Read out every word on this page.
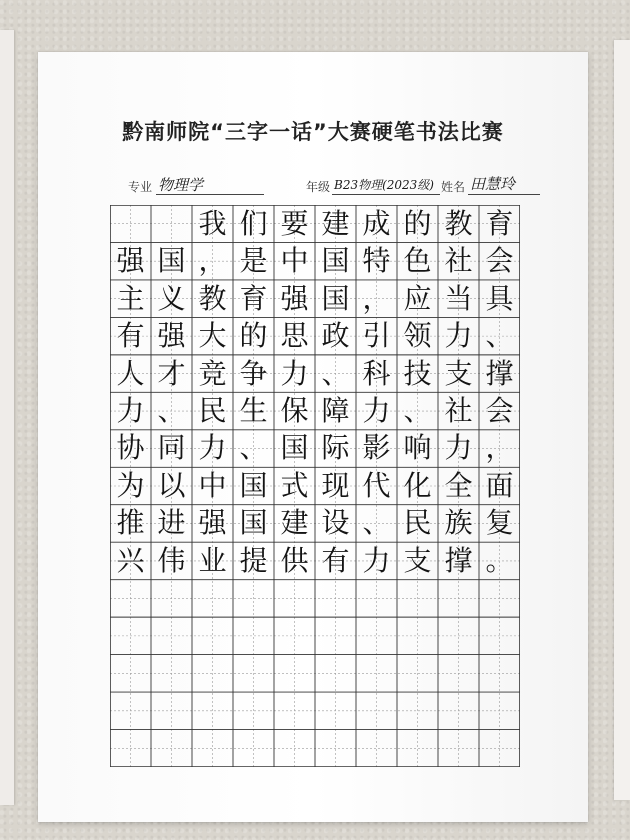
黔南师院“三字一话”大赛硬笔书法比赛
专业 物理学	年级 B23物理(2023级) 姓名 田慧玲
我 们 要 建 成 的 教 育
强 国 ， 是 中 国 特 色 社 会
主 义 教 育 强 国 ， 应 当 具
有 强 大 的 思 政 引 领 力 、
人 才 竞 争 力 、 科 技 支 撑
力 、 民 生 保 障 力 、 社 会
协 同 力 、 国 际 影 响 力 ，
为 以 中 国 式 现 代 化 全 面
推 进 强 国 建 设 、 民 族 复
兴 伟 业 提 供 有 力 支 撑 。
